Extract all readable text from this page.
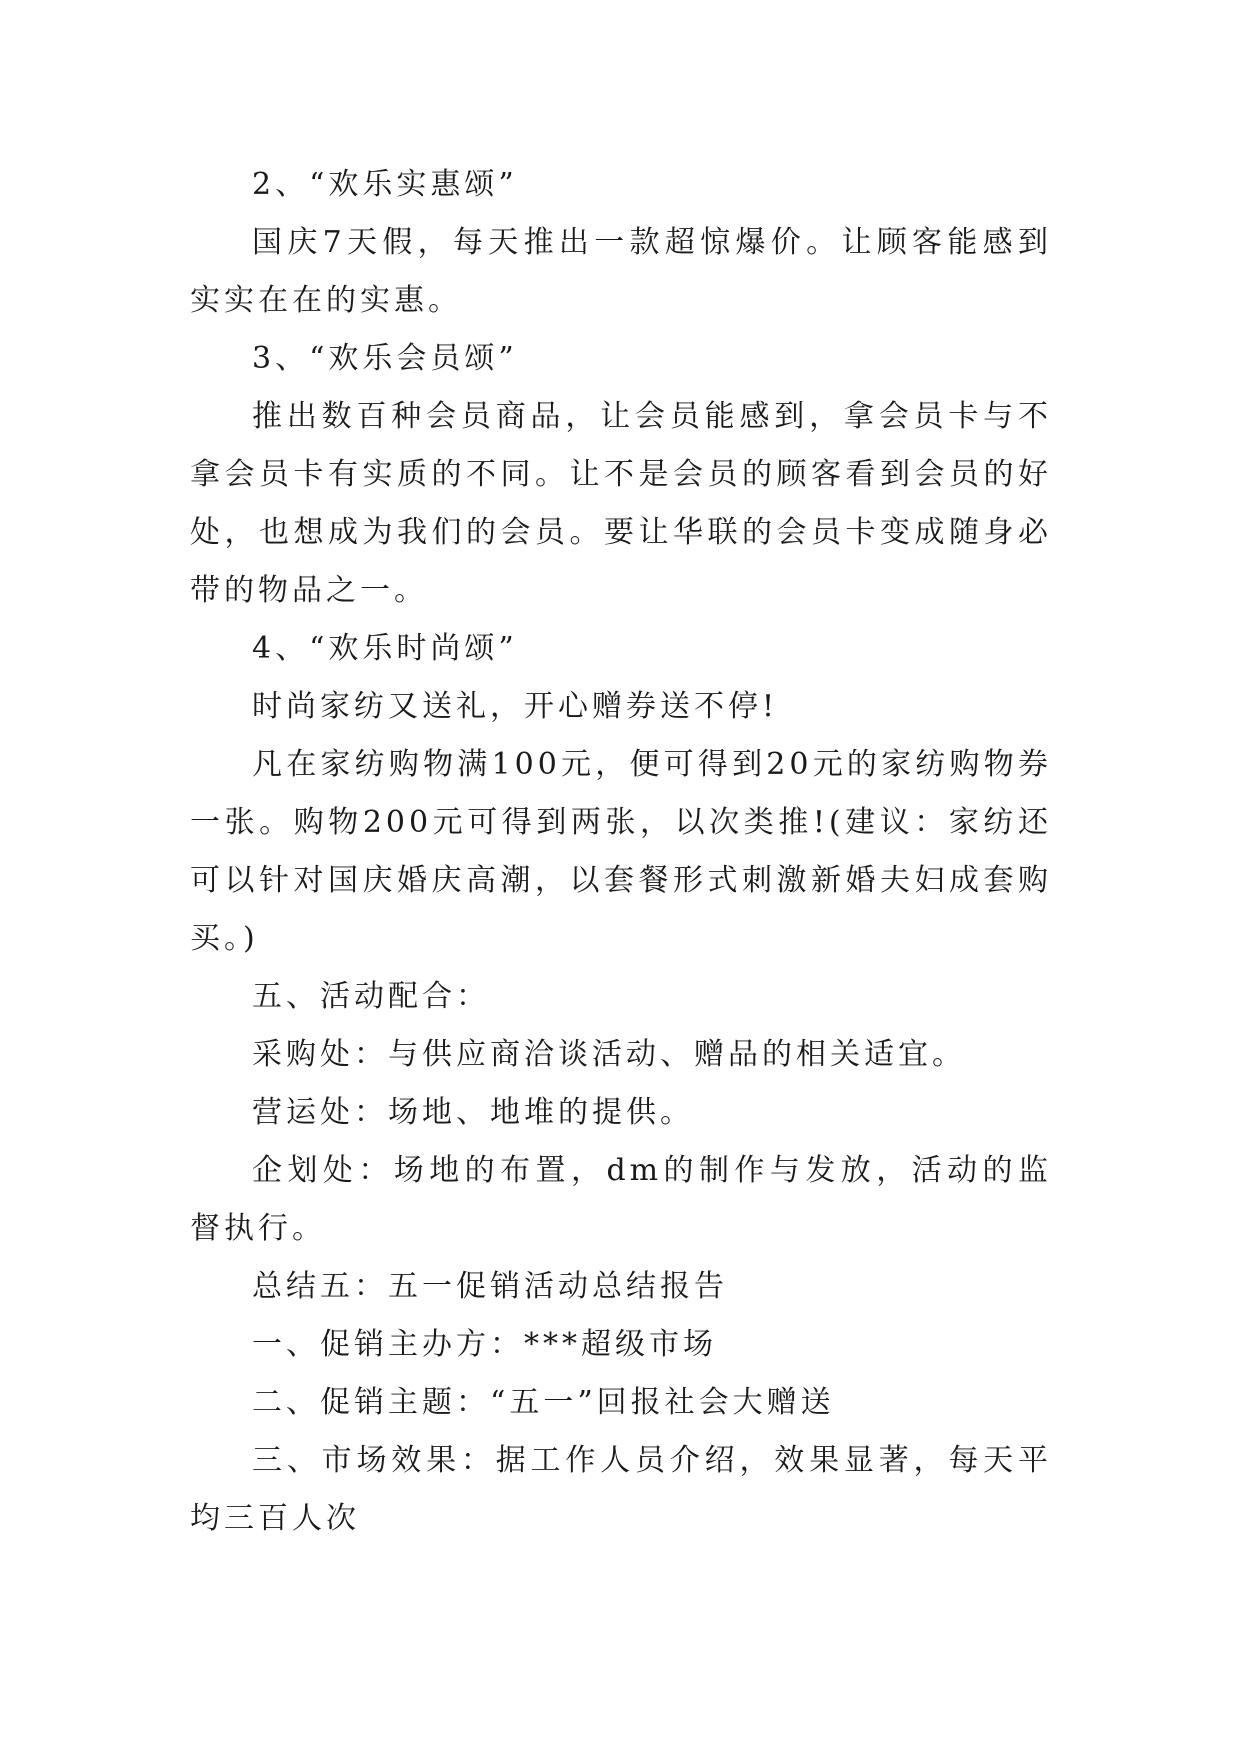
2、“欢乐实惠颂”

国庆7天假，每天推出一款超惊爆价。让顾客能感到实实在在的实惠。

3、“欢乐会员颂”

推出数百种会员商品，让会员能感到，拿会员卡与不拿会员卡有实质的不同。让不是会员的顾客看到会员的好处，也想成为我们的会员。要让华联的会员卡变成随身必带的物品之一。

4、“欢乐时尚颂”

时尚家纺又送礼，开心赠券送不停!

凡在家纺购物满100元，便可得到20元的家纺购物券一张。购物200元可得到两张，以次类推!(建议：家纺还可以针对国庆婚庆高潮，以套餐形式刺激新婚夫妇成套购买。)

五、活动配合：

采购处：与供应商洽谈活动、赠品的相关适宜。

营运处：场地、地堆的提供。

企划处：场地的布置，dm的制作与发放，活动的监督执行。

总结五：五一促销活动总结报告

一、促销主办方：***超级市场

二、促销主题：“五一”回报社会大赠送

三、市场效果：据工作人员介绍，效果显著，每天平均三百人次
